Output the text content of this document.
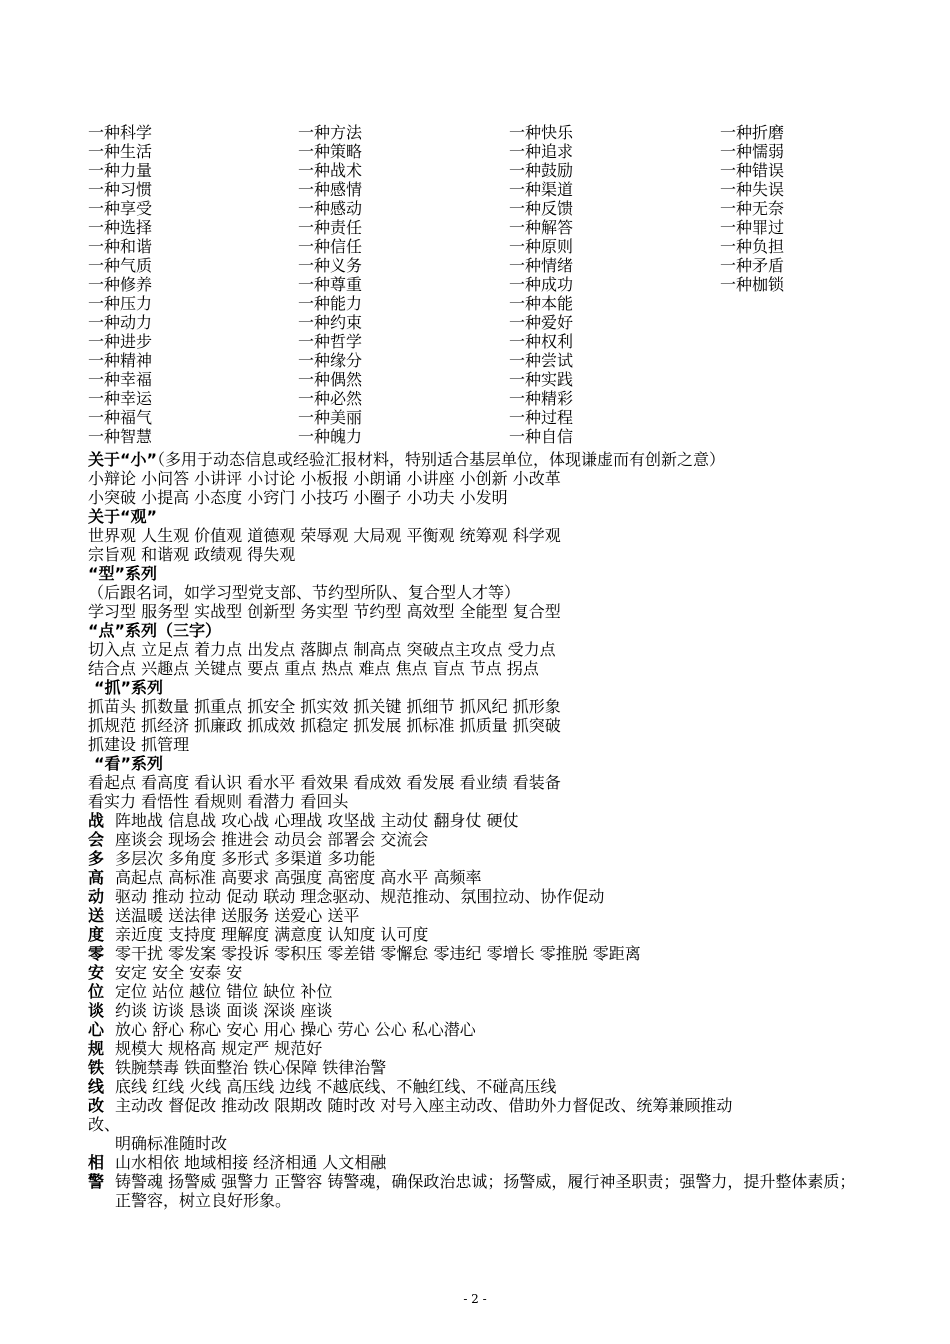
一种科学
一种生活
一种力量
一种习惯
一种享受
一种选择
一种和谐
一种气质
一种修养
一种压力
一种动力
一种进步
一种精神
一种幸福
一种幸运
一种福气
一种智慧
一种方法
一种策略
一种战术
一种感情
一种感动
一种责任
一种信任
一种义务
一种尊重
一种能力
一种约束
一种哲学
一种缘分
一种偶然
一种必然
一种美丽
一种魄力
一种快乐
一种追求
一种鼓励
一种渠道
一种反馈
一种解答
一种原则
一种情绪
一种成功
一种本能
一种爱好
一种权利
一种尝试
一种实践
一种精彩
一种过程
一种自信
一种折磨
一种懦弱
一种错误
一种失误
一种无奈
一种罪过
一种负担
一种矛盾
一种枷锁
关于“小”（多用于动态信息或经验汇报材料，特别适合基层单位，体现谦虚而有创新之意）
小辩论 小问答 小讲评 小讨论 小板报 小朗诵 小讲座 小创新 小改革
小突破 小提高 小态度 小窍门 小技巧 小圈子 小功夫 小发明
关于“观”
世界观 人生观 价值观 道德观 荣辱观 大局观 平衡观 统筹观 科学观
宗旨观 和谐观 政绩观 得失观
“型”系列
（后跟名词，如学习型党支部、节约型所队、复合型人才等）
学习型 服务型 实战型 创新型 务实型 节约型 高效型 全能型 复合型
“点”系列（三字）
切入点 立足点 着力点 出发点 落脚点 制高点 突破点主攻点 受力点
结合点 兴趣点 关键点 要点 重点 热点 难点 焦点 盲点 节点 拐点
“抓”系列
抓苗头 抓数量 抓重点 抓安全 抓实效 抓关键 抓细节 抓风纪 抓形象
抓规范 抓经济 抓廉政 抓成效 抓稳定 抓发展 抓标准 抓质量 抓突破
抓建设 抓管理
“看”系列
看起点 看高度 看认识 看水平 看效果 看成效 看发展 看业绩 看装备
看实力 看悟性 看规则 看潜力 看回头
战 阵地战 信息战 攻心战 心理战 攻坚战 主动仗 翻身仗 硬仗
会 座谈会 现场会 推进会 动员会 部署会 交流会
多 多层次 多角度 多形式 多渠道 多功能
高 高起点 高标准 高要求 高强度 高密度 高水平 高频率
动 驱动 推动 拉动 促动 联动 理念驱动、规范推动、氛围拉动、协作促动
送 送温暖 送法律 送服务 送爱心 送平
度 亲近度 支持度 理解度 满意度 认知度 认可度
零 零干扰 零发案 零投诉 零积压 零差错 零懈怠 零违纪 零增长 零推脱 零距离
安 安定 安全 安泰 安
位 定位 站位 越位 错位 缺位 补位
谈 约谈 访谈 恳谈 面谈 深谈 座谈
心 放心 舒心 称心 安心 用心 操心 劳心 公心 私心潜心
规 规模大 规格高 规定严 规范好
铁 铁腕禁毒 铁面整治 铁心保障 铁律治警
线 底线 红线 火线 高压线 边线 不越底线、不触红线、不碰高压线
改 主动改 督促改 推动改 限期改 随时改 对号入座主动改、借助外力督促改、统筹兼顾推动
改、
明确标准随时改
相 山水相依 地域相接 经济相通 人文相融
警 铸警魂 扬警威 强警力 正警容 铸警魂，确保政治忠诚；扬警威，履行神圣职责；强警力，提升整体素质；正警容，树立良好形象。
- 2 -
